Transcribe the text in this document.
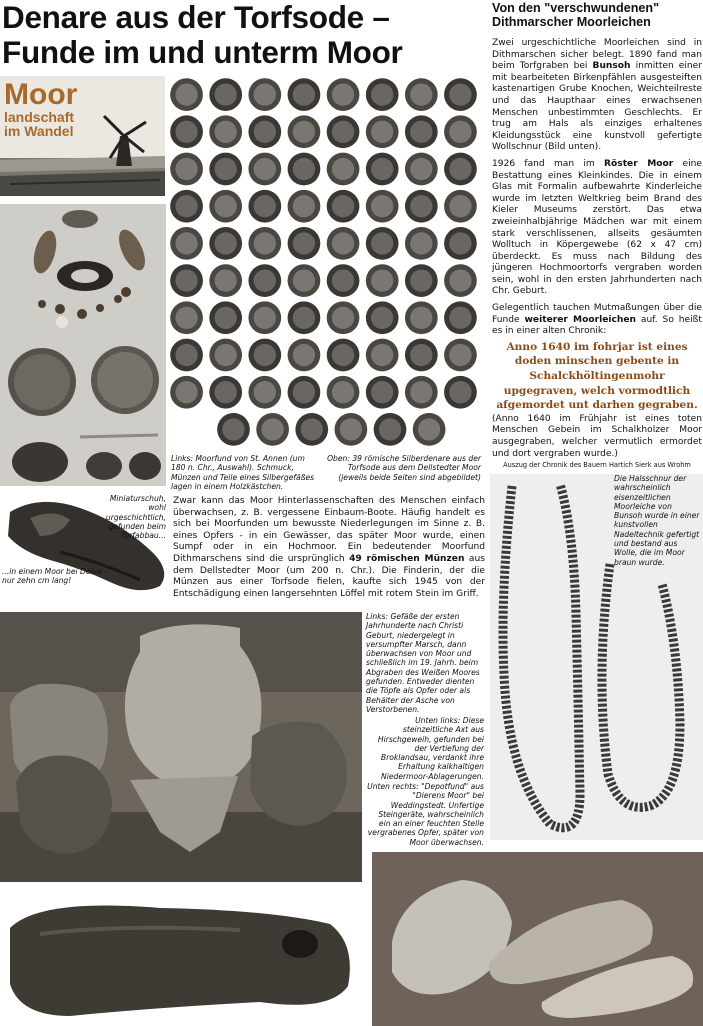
Denare aus der Torfsode –
Funde im und unterm Moor
Moor
landschaft
im Wandel
Links: Moorfund von St. Annen (um 180 n. Chr., Auswahl). Schmuck, Münzen und Teile eines Silbergefäßes lagen in einem Holzkästchen.
Oben: 39 römische Silberdenare aus der Torfsode aus dem Dellstedter Moor (jeweils beide Seiten sind abgebildet)
Miniaturschuh, wohl urgeschichtlich, gefunden beim Torfabbau...
...in einem Moor bei Delve – nur zehn cm lang!
Zwar kann das Moor Hinterlassenschaften des Menschen einfach überwachsen, z. B. vergessene Einbaum-Boote. Häufig handelt es sich bei Moorfunden um bewusste Niederlegungen im Sinne z. B. eines Opfers - in ein Gewässer, das später Moor wurde, einen Sumpf oder in ein Hochmoor. Ein bedeutender Moorfund Dithmarschens sind die ursprünglich 49 römischen Münzen aus dem Dellstedter Moor (um 200 n. Chr.). Die Finderin, der die Münzen aus einer Torfsode fielen, kaufte sich 1945 von der Entschädigung einen langersehnten Löffel mit rotem Stein im Griff.
Von den "verschwundenen"
Dithmarscher Moorleichen

Zwei urgeschichtliche Moorleichen sind in Dithmarschen sicher belegt. 1890 fand man beim Torfgraben bei Bunsoh inmitten einer mit bearbeiteten Birkenpfählen ausgesteiften kastenartigen Grube Knochen, Weichteilreste und das Haupthaar eines erwachsenen Menschen unbestimmten Geschlechts. Er trug am Hals als einziges erhaltenes Kleidungsstück eine kunstvoll gefertigte Wollschnur (Bild unten).

1926 fand man im Röster Moor eine Bestattung eines Kleinkindes. Die in einem Glas mit Formalin aufbewahrte Kinderleiche wurde im letzten Weltkrieg beim Brand des Kieler Museums zerstört. Das etwa zweieinhalbjährige Mädchen war mit einem stark verschlissenen, allseits gesäumten Wolltuch in Köpergewebe (62 x 47 cm) überdeckt. Es muss nach Bildung des jüngeren Hochmoortorfs vergraben worden sein, wohl in den ersten Jahrhunderten nach Chr. Geburt.

Gelegentlich tauchen Mutmaßungen über die Funde weiterer Moorleichen auf. So heißt es in einer alten Chronik:

Anno 1640 im fohrjar ist eines
doden minschen gebente in
Schalckhöltingenmohr
upgegraven, welch vormodtlich
afgemordet unt darhen gegraben.

(Anno 1640 im Frühjahr ist eines toten Menschen Gebein im Schalkholzer Moor ausgegraben, welcher vermutlich ermordet und dort vergraben wurde.)

Auszug der Chronik des Bauern Hartich Sierk aus Wrohm
Die Halsschnur der wahrscheinlich eisenzeitlichen Moorleiche von Bunsoh wurde in einer kunstvollen Nadeltechnik gefertigt und bestand aus Wolle, die im Moor braun wurde.
Links: Gefäße der ersten Jahrhunderte nach Christi Geburt, niedergelegt in versumpfter Marsch, dann überwachsen von Moor und schließlich im 19. Jahrh. beim Abgraben des Weißen Moores gefunden. Entweder dienten die Töpfe als Opfer oder als Behälter der Asche von Verstorbenen.
Unten links: Diese steinzeitliche Axt aus Hirschgeweih, gefunden bei der Vertiefung der Broklandsau, verdankt ihre Erhaltung kalkhaltigen Niedermoor-Ablagerungen.
Unten rechts: "Depotfund" aus "Dierens Moor" bei Weddingstedt. Unfertige Steingeräte, wahrscheinlich ein an einer feuchten Stelle vergrabenes Opfer, später von Moor überwachsen.
